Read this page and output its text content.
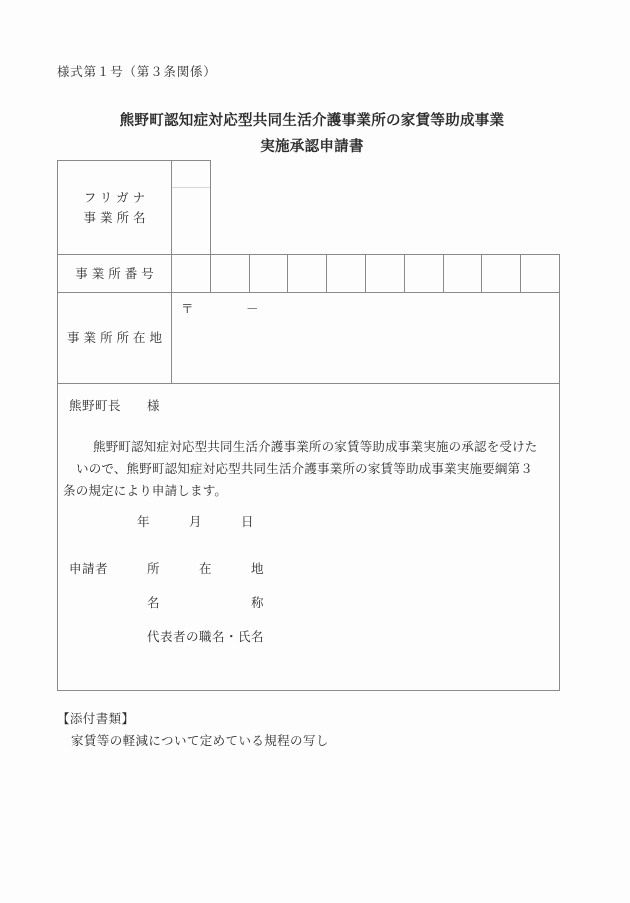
様式第１号（第３条関係）
熊野町認知症対応型共同生活介護事業所の家賃等助成事業
実施承認申請書
フリガナ
事業所名										

事業所番号										

事業所所在地	〒　　　　－									

熊野町長　　様
熊野町認知症対応型共同生活介護事業所の家賃等助成事業実施の承認を受けた
いので、熊野町認知症対応型共同生活介護事業所の家賃等助成事業実施要綱第３
条の規定により申請します。
年　　　月　　　日
申請者　　　所　　　在　　　地
　　　　　　名　　　　　　　称
　　　　　　代表者の職名・氏名
【添付書類】
家賃等の軽減について定めている規程の写し
